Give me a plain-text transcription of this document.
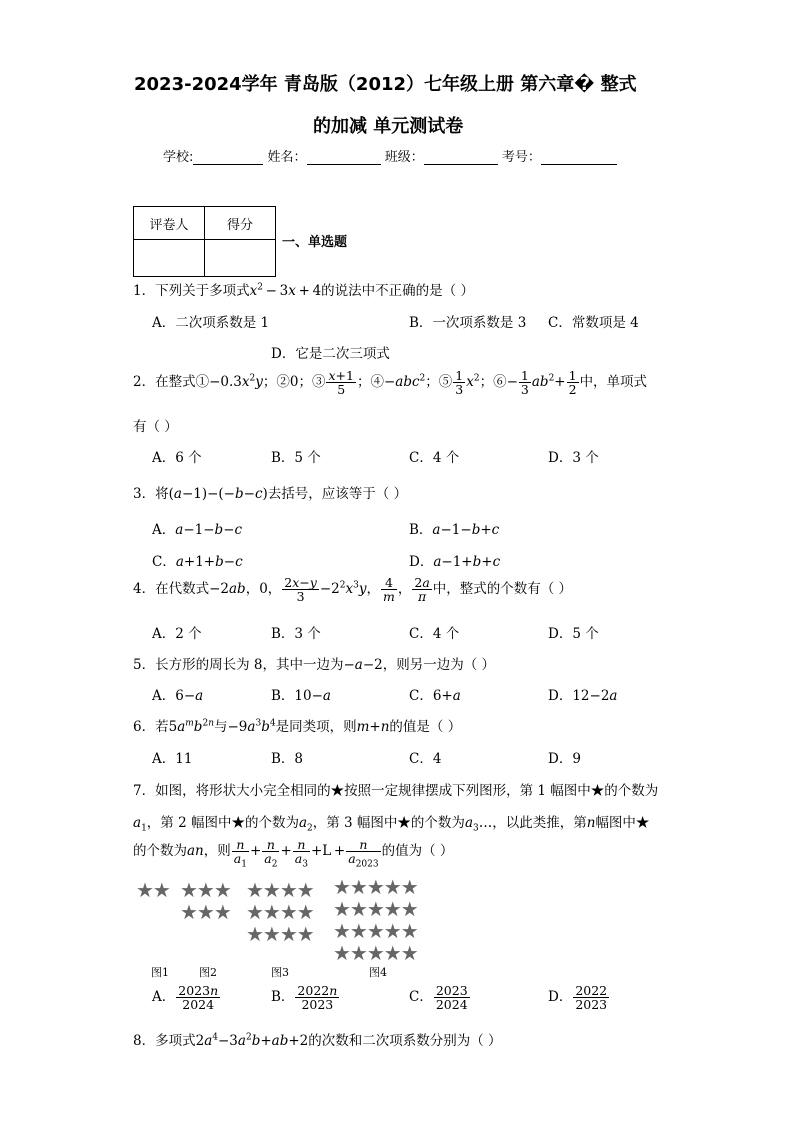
2023-2024学年 青岛版（2012）七年级上册 第六章� 整式
的加减 单元测试卷
学校:	姓名：	班级：	考号：
评卷人	得分

一、单选题
1．下列关于多项式$x^2 - 3x + 4$的说法中不正确的是（ ）
A．二次项系数是 1	B．一次项系数是 3 C．常数项是 4
D．它是二次三项式
2．在整式$①-0.3x^2y$；②0；③ $\frac{x+1}{5}$ ；④−abc$^2$；⑤ $\frac{1}{3} x^2$；⑥− $\frac{1}{3} ab^2+ \frac{1}{2}$ 中，单项式
有（ ）
A．6 个	B．5 个	C．4 个	D．3 个
3．将(a−1)−(−b−c)去括号，应该等于（ ）
A．a−1−b−c	B．a−1−b+c
C．a+1+b−c	D．a−1+b+c
4．在代数式−2ab，0， $\frac{2x-y}{3} -2^2x^3y$， $\frac{4}{m}$ ， $\frac{2a}{\pi}$ 中，整式的个数有（ ）
A．2 个	B．3 个	C．4 个	D．5 个
5．长方形的周长为 8，其中一边为−a−2，则另一边为（ ）
A．6−a	B．10−a	C．6+a	D．12−2a
6．若$5a^mb^{2n}$与$-9a^3b^4$是同类项，则m+n的值是（ ）
A．11	B．8	C．4	D．9
7．如图，将形状大小完全相同的★按照一定规律摆成下列图形，第 1 幅图中★的个数为
$a_1$，第 2 幅图中★的个数为$a_2$，第 3 幅图中★的个数为$a_3\dots$，以此类推，第n幅图中★
的个数为an，则 $\frac{n}{a_1} + \frac{n}{a_2} + \frac{n}{a_3} +L + \frac{n}{a_{2023}}$ 的值为（ ）
★★ ★★★
★★★
★★★★
★★★★
★★★★
★★★★★
★★★★★
★★★★★
★★★★★
图1	图2	图3	图4
A． $\frac{2023n}{2024}$	B． $\frac{2022n}{2023}$	C． $\frac{2023}{2024}$	D． $\frac{2022}{2023}$
8．多项式$2a^4-3a^2b+ab+2$的次数和二次项系数分别为（ ）
